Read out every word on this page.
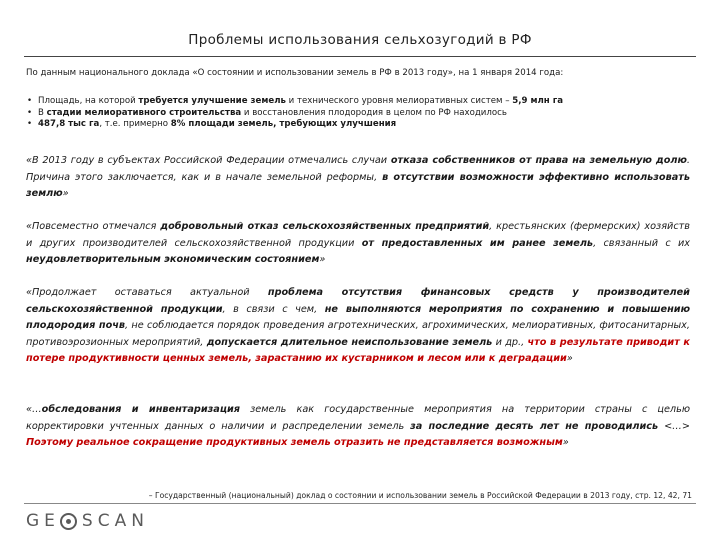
Проблемы использования сельхозугодий в РФ
По данным национального доклада «О состоянии и использовании земель в РФ в 2013 году», на 1 января 2014 года:
• Площадь, на которой требуется улучшение земель и технического уровня мелиоративных систем – 5,9 млн га
• В стадии мелиоративного строительства и восстановления плодородия в целом по РФ находилось
• 487,8 тыс га, т.е. примерно 8% площади земель, требующих улучшения
«В 2013 году в субъектах Российской Федерации отмечались случаи отказа собственников от права на земельную долю. Причина этого заключается, как и в начале земельной реформы, в отсутствии возможности эффективно использовать землю»
«Повсеместно отмечался добровольный отказ сельскохозяйственных предприятий, крестьянских (фермерских) хозяйств и других производителей сельскохозяйственной продукции от предоставленных им ранее земель, связанный с их неудовлетворительным экономическим состоянием»
«Продолжает оставаться актуальной проблема отсутствия финансовых средств у производителей сельскохозяйственной продукции, в связи с чем, не выполняются мероприятия по сохранению и повышению плодородия почв, не соблюдается порядок проведения агротехнических, агрохимических, мелиоративных, фитосанитарных, противоэрозионных мероприятий, допускается длительное неиспользование земель и др., что в результате приводит к потере продуктивности ценных земель, зарастанию их кустарником и лесом или к деградации»
«…обследования и инвентаризация земель как государственные мероприятия на территории страны с целью корректировки учтенных данных о наличии и распределении земель за последние десять лет не проводились <…> Поэтому реальное сокращение продуктивных земель отразить не представляется возможным»
– Государственный (национальный) доклад о состоянии и использовании земель в Российской Федерации в 2013 году, стр. 12, 42, 71
GE SCAN
